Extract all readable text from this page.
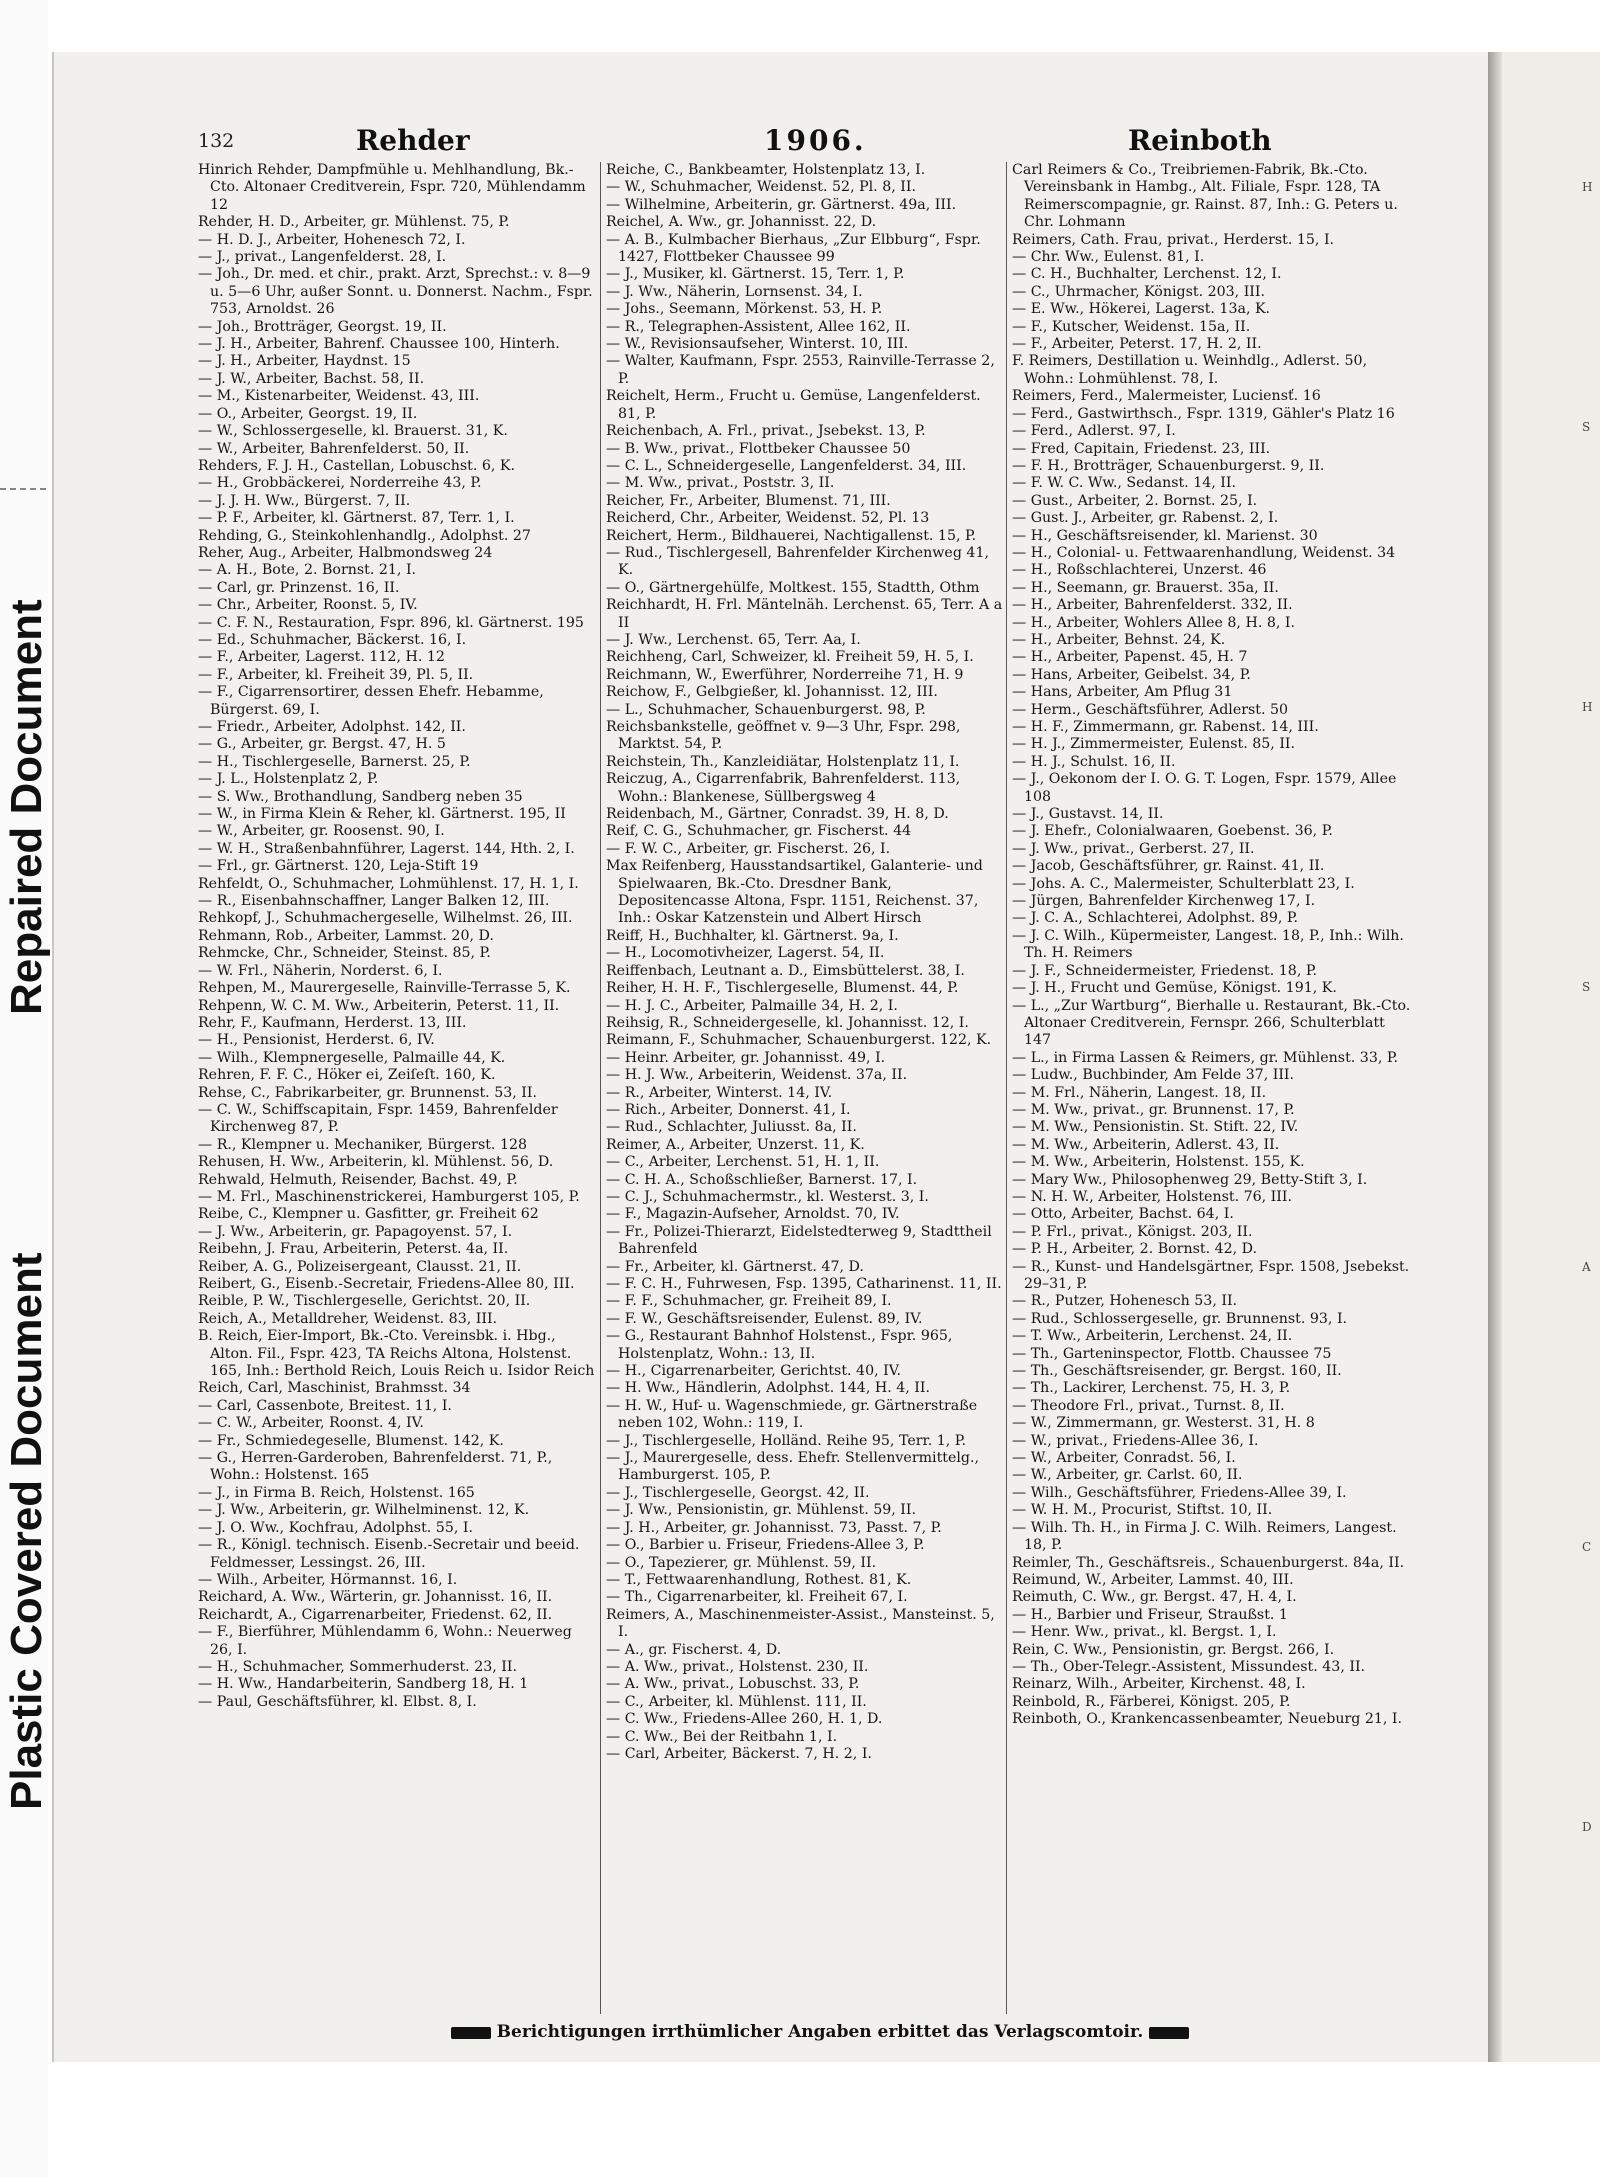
Plastic Covered Document
Repaired Document
H
S
H
S
A
C
D
132	Rehder	1906.	Reinboth
Hinrich Rehder, Dampfmühle u. Mehlhandlung, Bk.-Cto. Altonaer Creditverein, Fspr. 720, Mühlendamm 12
Rehder, H. D., Arbeiter, gr. Mühlenst. 75, P.
— H. D. J., Arbeiter, Hohenesch 72, I.
— J., privat., Langenfelderst. 28, I.
— Joh., Dr. med. et chir., prakt. Arzt, Sprechst.: v. 8—9 u. 5—6 Uhr, außer Sonnt. u. Donnerst. Nachm., Fspr. 753, Arnoldst. 26
— Joh., Brotträger, Georgst. 19, II.
— J. H., Arbeiter, Bahrenf. Chaussee 100, Hinterh.
— J. H., Arbeiter, Haydnst. 15
— J. W., Arbeiter, Bachst. 58, II.
— M., Kistenarbeiter, Weidenst. 43, III.
— O., Arbeiter, Georgst. 19, II.
— W., Schlossergeselle, kl. Brauerst. 31, K.
— W., Arbeiter, Bahrenfelderst. 50, II.
Rehders, F. J. H., Castellan, Lobuschst. 6, K.
— H., Grobbäckerei, Norderreihe 43, P.
— J. J. H. Ww., Bürgerst. 7, II.
— P. F., Arbeiter, kl. Gärtnerst. 87, Terr. 1, I.
Rehding, G., Steinkohlenhandlg., Adolphst. 27
Reher, Aug., Arbeiter, Halbmondsweg 24
— A. H., Bote, 2. Bornst. 21, I.
— Carl, gr. Prinzenst. 16, II.
— Chr., Arbeiter, Roonst. 5, IV.
— C. F. N., Restauration, Fspr. 896, kl. Gärtnerst. 195
— Ed., Schuhmacher, Bäckerst. 16, I.
— F., Arbeiter, Lagerst. 112, H. 12
— F., Arbeiter, kl. Freiheit 39, Pl. 5, II.
— F., Cigarrensortirer, dessen Ehefr. Hebamme, Bürgerst. 69, I.
— Friedr., Arbeiter, Adolphst. 142, II.
— G., Arbeiter, gr. Bergst. 47, H. 5
— H., Tischlergeselle, Barnerst. 25, P.
— J. L., Holstenplatz 2, P.
— S. Ww., Brothandlung, Sandberg neben 35
— W., in Firma Klein & Reher, kl. Gärtnerst. 195, II
— W., Arbeiter, gr. Roosenst. 90, I.
— W. H., Straßenbahnführer, Lagerst. 144, Hth. 2, I.
— Frl., gr. Gärtnerst. 120, Leja-Stift 19
Rehfeldt, O., Schuhmacher, Lohmühlenst. 17, H. 1, I.
— R., Eisenbahnschaffner, Langer Balken 12, III.
Rehkopf, J., Schuhmachergeselle, Wilhelmst. 26, III.
Rehmann, Rob., Arbeiter, Lammst. 20, D.
Rehmcke, Chr., Schneider, Steinst. 85, P.
— W. Frl., Näherin, Norderst. 6, I.
Rehpen, M., Maurergeselle, Rainville-Terrasse 5, K.
Rehpenn, W. C. M. Ww., Arbeiterin, Peterst. 11, II.
Rehr, F., Kaufmann, Herderst. 13, III.
— H., Pensionist, Herderst. 6, IV.
— Wilh., Klempnergeselle, Palmaille 44, K.
Rehren, F. F. C., Höker ei, Zeiſeſt. 160, K.
Rehse, C., Fabrikarbeiter, gr. Brunnenst. 53, II.
— C. W., Schiffscapitain, Fspr. 1459, Bahrenfelder Kirchenweg 87, P.
— R., Klempner u. Mechaniker, Bürgerst. 128
Rehusen, H. Ww., Arbeiterin, kl. Mühlenst. 56, D.
Rehwald, Helmuth, Reisender, Bachst. 49, P.
— M. Frl., Maschinenstrickerei, Hamburgerst 105, P.
Reibe, C., Klempner u. Gasfitter, gr. Freiheit 62
— J. Ww., Arbeiterin, gr. Papagoyenst. 57, I.
Reibehn, J. Frau, Arbeiterin, Peterst. 4a, II.
Reiber, A. G., Polizeisergeant, Clausst. 21, II.
Reibert, G., Eisenb.-Secretair, Friedens-Allee 80, III.
Reible, P. W., Tischlergeselle, Gerichtst. 20, II.
Reich, A., Metalldreher, Weidenst. 83, III.
B. Reich, Eier-Import, Bk.-Cto. Vereinsbk. i. Hbg., Alton. Fil., Fspr. 423, TA Reichs Altona, Holstenst. 165, Inh.: Berthold Reich, Louis Reich u. Isidor Reich
Reich, Carl, Maschinist, Brahmsst. 34
— Carl, Cassenbote, Breitest. 11, I.
— C. W., Arbeiter, Roonst. 4, IV.
— Fr., Schmiedegeselle, Blumenst. 142, K.
— G., Herren-Garderoben, Bahrenfelderst. 71, P., Wohn.: Holstenst. 165
— J., in Firma B. Reich, Holstenst. 165
— J. Ww., Arbeiterin, gr. Wilhelminenst. 12, K.
— J. O. Ww., Kochfrau, Adolphst. 55, I.
— R., Königl. technisch. Eisenb.-Secretair und beeid. Feldmesser, Lessingst. 26, III.
— Wilh., Arbeiter, Hörmannst. 16, I.
Reichard, A. Ww., Wärterin, gr. Johannisst. 16, II.
Reichardt, A., Cigarrenarbeiter, Friedenst. 62, II.
— F., Bierführer, Mühlendamm 6, Wohn.: Neuerweg 26, I.
— H., Schuhmacher, Sommerhuderst. 23, II.
— H. Ww., Handarbeiterin, Sandberg 18, H. 1
— Paul, Geschäftsführer, kl. Elbst. 8, I.
Reiche, C., Bankbeamter, Holstenplatz 13, I.
— W., Schuhmacher, Weidenst. 52, Pl. 8, II.
— Wilhelmine, Arbeiterin, gr. Gärtnerst. 49a, III.
Reichel, A. Ww., gr. Johannisst. 22, D.
— A. B., Kulmbacher Bierhaus, „Zur Elbburg“, Fspr. 1427, Flottbeker Chaussee 99
— J., Musiker, kl. Gärtnerst. 15, Terr. 1, P.
— J. Ww., Näherin, Lornsenst. 34, I.
— Johs., Seemann, Mörkenst. 53, H. P.
— R., Telegraphen-Assistent, Allee 162, II.
— W., Revisionsaufseher, Winterst. 10, III.
— Walter, Kaufmann, Fspr. 2553, Rainville-Terrasse 2, P.
Reichelt, Herm., Frucht u. Gemüse, Langenfelderst. 81, P.
Reichenbach, A. Frl., privat., Jsebekst. 13, P.
— B. Ww., privat., Flottbeker Chaussee 50
— C. L., Schneidergeselle, Langenfelderst. 34, III.
— M. Ww., privat., Poststr. 3, II.
Reicher, Fr., Arbeiter, Blumenst. 71, III.
Reicherd, Chr., Arbeiter, Weidenst. 52, Pl. 13
Reichert, Herm., Bildhauerei, Nachtigallenst. 15, P.
— Rud., Tischlergesell, Bahrenfelder Kirchenweg 41, K.
— O., Gärtnergehülfe, Moltkest. 155, Stadtth, Othm
Reichhardt, H. Frl. Mäntelnäh. Lerchenst. 65, Terr. A a II
— J. Ww., Lerchenst. 65, Terr. Aa, I.
Reichheng, Carl, Schweizer, kl. Freiheit 59, H. 5, I.
Reichmann, W., Ewerführer, Norderreihe 71, H. 9
Reichow, F., Gelbgießer, kl. Johannisst. 12, III.
— L., Schuhmacher, Schauenburgerst. 98, P.
Reichsbankstelle, geöffnet v. 9—3 Uhr, Fspr. 298, Marktst. 54, P.
Reichstein, Th., Kanzleidiätar, Holstenplatz 11, I.
Reiczug, A., Cigarrenfabrik, Bahrenfelderst. 113, Wohn.: Blankenese, Süllbergsweg 4
Reidenbach, M., Gärtner, Conradst. 39, H. 8, D.
Reif, C. G., Schuhmacher, gr. Fischerst. 44
— F. W. C., Arbeiter, gr. Fischerst. 26, I.
Max Reifenberg, Hausstandsartikel, Galanterie- und Spielwaaren, Bk.-Cto. Dresdner Bank, Depositencasse Altona, Fspr. 1151, Reichenst. 37, Inh.: Oskar Katzenstein und Albert Hirsch
Reiff, H., Buchhalter, kl. Gärtnerst. 9a, I.
— H., Locomotivheizer, Lagerst. 54, II.
Reiffenbach, Leutnant a. D., Eimsbüttelerst. 38, I.
Reiher, H. H. F., Tischlergeselle, Blumenst. 44, P.
— H. J. C., Arbeiter, Palmaille 34, H. 2, I.
Reihsig, R., Schneidergeselle, kl. Johannisst. 12, I.
Reimann, F., Schuhmacher, Schauenburgerst. 122, K.
— Heinr. Arbeiter, gr. Johannisst. 49, I.
— H. J. Ww., Arbeiterin, Weidenst. 37a, II.
— R., Arbeiter, Winterst. 14, IV.
— Rich., Arbeiter, Donnerst. 41, I.
— Rud., Schlachter, Juliusst. 8a, II.
Reimer, A., Arbeiter, Unzerst. 11, K.
— C., Arbeiter, Lerchenst. 51, H. 1, II.
— C. H. A., Schoßschließer, Barnerst. 17, I.
— C. J., Schuhmachermstr., kl. Westerst. 3, I.
— F., Magazin-Aufseher, Arnoldst. 70, IV.
— Fr., Polizei-Thierarzt, Eidelstedterweg 9, Stadttheil Bahrenfeld
— Fr., Arbeiter, kl. Gärtnerst. 47, D.
— F. C. H., Fuhrwesen, Fsp. 1395, Catharinenst. 11, II.
— F. F., Schuhmacher, gr. Freiheit 89, I.
— F. W., Geschäftsreisender, Eulenst. 89, IV.
— G., Restaurant Bahnhof Holstenst., Fspr. 965, Holstenplatz, Wohn.: 13, II.
— H., Cigarrenarbeiter, Gerichtst. 40, IV.
— H. Ww., Händlerin, Adolphst. 144, H. 4, II.
— H. W., Huf- u. Wagenschmiede, gr. Gärtnerstraße neben 102, Wohn.: 119, I.
— J., Tischlergeselle, Holländ. Reihe 95, Terr. 1, P.
— J., Maurergeselle, dess. Ehefr. Stellenvermittelg., Hamburgerst. 105, P.
— J., Tischlergeselle, Georgst. 42, II.
— J. Ww., Pensionistin, gr. Mühlenst. 59, II.
— J. H., Arbeiter, gr. Johannisst. 73, Passt. 7, P.
— O., Barbier u. Friseur, Friedens-Allee 3, P.
— O., Tapezierer, gr. Mühlenst. 59, II.
— T., Fettwaarenhandlung, Rothest. 81, K.
— Th., Cigarrenarbeiter, kl. Freiheit 67, I.
Reimers, A., Maschinenmeister-Assist., Mansteinst. 5, I.
— A., gr. Fischerst. 4, D.
— A. Ww., privat., Holstenst. 230, II.
— A. Ww., privat., Lobuschst. 33, P.
— C., Arbeiter, kl. Mühlenst. 111, II.
— C. Ww., Friedens-Allee 260, H. 1, D.
— C. Ww., Bei der Reitbahn 1, I.
— Carl, Arbeiter, Bäckerst. 7, H. 2, I.
Carl Reimers & Co., Treibriemen-Fabrik, Bk.-Cto. Vereinsbank in Hambg., Alt. Filiale, Fspr. 128, TA Reimerscompagnie, gr. Rainst. 87, Inh.: G. Peters u. Chr. Lohmann
Reimers, Cath. Frau, privat., Herderst. 15, I.
— Chr. Ww., Eulenst. 81, I.
— C. H., Buchhalter, Lerchenst. 12, I.
— C., Uhrmacher, Königst. 203, III.
— E. Ww., Hökerei, Lagerst. 13a, K.
— F., Kutscher, Weidenst. 15a, II.
— F., Arbeiter, Peterst. 17, H. 2, II.
F. Reimers, Destillation u. Weinhdlg., Adlerst. 50, Wohn.: Lohmühlenst. 78, I.
Reimers, Ferd., Malermeister, Luciensť. 16
— Ferd., Gastwirthsch., Fspr. 1319, Gähler's Platz 16
— Ferd., Adlerst. 97, I.
— Fred, Capitain, Friedenst. 23, III.
— F. H., Brotträger, Schauenburgerst. 9, II.
— F. W. C. Ww., Sedanst. 14, II.
— Gust., Arbeiter, 2. Bornst. 25, I.
— Gust. J., Arbeiter, gr. Rabenst. 2, I.
— H., Geschäftsreisender, kl. Marienst. 30
— H., Colonial- u. Fettwaarenhandlung, Weidenst. 34
— H., Roßschlachterei, Unzerst. 46
— H., Seemann, gr. Brauerst. 35a, II.
— H., Arbeiter, Bahrenfelderst. 332, II.
— H., Arbeiter, Wohlers Allee 8, H. 8, I.
— H., Arbeiter, Behnst. 24, K.
— H., Arbeiter, Papenst. 45, H. 7
— Hans, Arbeiter, Geibelst. 34, P.
— Hans, Arbeiter, Am Pflug 31
— Herm., Geschäftsführer, Adlerst. 50
— H. F., Zimmermann, gr. Rabenst. 14, III.
— H. J., Zimmermeister, Eulenst. 85, II.
— H. J., Schulst. 16, II.
— J., Oekonom der I. O. G. T. Logen, Fspr. 1579, Allee 108
— J., Gustavst. 14, II.
— J. Ehefr., Colonialwaaren, Goebenst. 36, P.
— J. Ww., privat., Gerberst. 27, II.
— Jacob, Geschäftsführer, gr. Rainst. 41, II.
— Johs. A. C., Malermeister, Schulterblatt 23, I.
— Jürgen, Bahrenfelder Kirchenweg 17, I.
— J. C. A., Schlachterei, Adolphst. 89, P.
— J. C. Wilh., Küpermeister, Langest. 18, P., Inh.: Wilh. Th. H. Reimers
— J. F., Schneidermeister, Friedenst. 18, P.
— J. H., Frucht und Gemüse, Königst. 191, K.
— L., „Zur Wartburg“, Bierhalle u. Restaurant, Bk.-Cto. Altonaer Creditverein, Fernspr. 266, Schulterblatt 147
— L., in Firma Lassen & Reimers, gr. Mühlenst. 33, P.
— Ludw., Buchbinder, Am Felde 37, III.
— M. Frl., Näherin, Langest. 18, II.
— M. Ww., privat., gr. Brunnenst. 17, P.
— M. Ww., Pensionistin. St. Stift. 22, IV.
— M. Ww., Arbeiterin, Adlerst. 43, II.
— M. Ww., Arbeiterin, Holstenst. 155, K.
— Mary Ww., Philosophenweg 29, Betty-Stift 3, I.
— N. H. W., Arbeiter, Holstenst. 76, III.
— Otto, Arbeiter, Bachst. 64, I.
— P. Frl., privat., Königst. 203, II.
— P. H., Arbeiter, 2. Bornst. 42, D.
— R., Kunst- und Handelsgärtner, Fspr. 1508, Jsebekst. 29–31, P.
— R., Putzer, Hohenesch 53, II.
— Rud., Schlossergeselle, gr. Brunnenst. 93, I.
— T. Ww., Arbeiterin, Lerchenst. 24, II.
— Th., Garteninspector, Flottb. Chaussee 75
— Th., Geschäftsreisender, gr. Bergst. 160, II.
— Th., Lackirer, Lerchenst. 75, H. 3, P.
— Theodore Frl., privat., Turnst. 8, II.
— W., Zimmermann, gr. Westerst. 31, H. 8
— W., privat., Friedens-Allee 36, I.
— W., Arbeiter, Conradst. 56, I.
— W., Arbeiter, gr. Carlst. 60, II.
— Wilh., Geschäftsführer, Friedens-Allee 39, I.
— W. H. M., Procurist, Stiftst. 10, II.
— Wilh. Th. H., in Firma J. C. Wilh. Reimers, Langest. 18, P.
Reimler, Th., Geschäftsreis., Schauenburgerst. 84a, II.
Reimund, W., Arbeiter, Lammst. 40, III.
Reimuth, C. Ww., gr. Bergst. 47, H. 4, I.
— H., Barbier und Friseur, Straußst. 1
— Henr. Ww., privat., kl. Bergst. 1, I.
Rein, C. Ww., Pensionistin, gr. Bergst. 266, I.
— Th., Ober-Telegr.-Assistent, Missundest. 43, II.
Reinarz, Wilh., Arbeiter, Kirchenst. 48, I.
Reinbold, R., Färberei, Königst. 205, P.
Reinboth, O., Krankencassenbeamter, Neueburg 21, I.
Berichtigungen irrthümlicher Angaben erbittet das Verlagscomtoir.
